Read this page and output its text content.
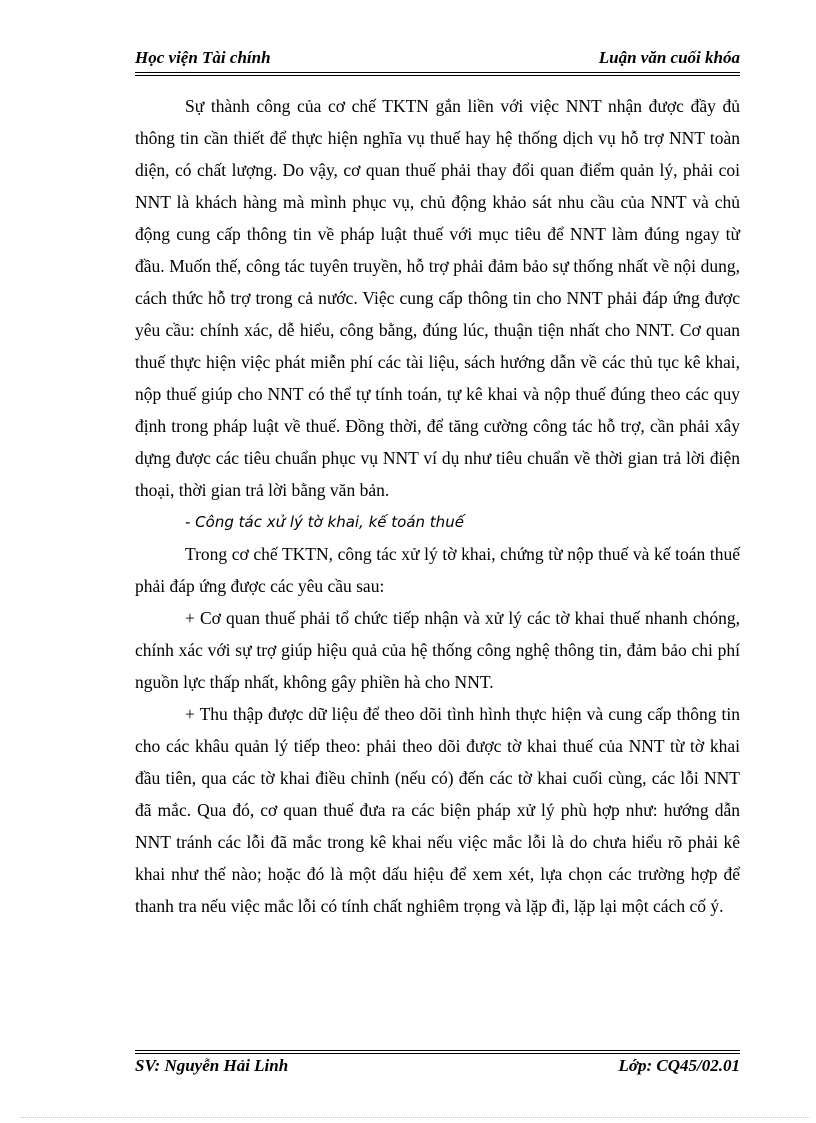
Học viện Tài chính	Luận văn cuối khóa

Sự thành công của cơ chế TKTN gắn liền với việc NNT nhận được đầy đủ thông tin cần thiết để thực hiện nghĩa vụ thuế hay hệ thống dịch vụ hỗ trợ NNT toàn diện, có chất lượng. Do vậy, cơ quan thuế phải thay đổi quan điểm quản lý, phải coi NNT là khách hàng mà mình phục vụ, chủ động khảo sát nhu cầu của NNT và chủ động cung cấp thông tin về pháp luật thuế với mục tiêu để NNT làm đúng ngay từ đầu. Muốn thế, công tác tuyên truyền, hỗ trợ phải đảm bảo sự thống nhất về nội dung, cách thức hỗ trợ trong cả nước. Việc cung cấp thông tin cho NNT phải đáp ứng được yêu cầu: chính xác, dễ hiểu, công bằng, đúng lúc, thuận tiện nhất cho NNT. Cơ quan thuế thực hiện việc phát miễn phí các tài liệu, sách hướng dẫn về các thủ tục kê khai, nộp thuế giúp cho NNT có thể tự tính toán, tự kê khai và nộp thuế đúng theo các quy định trong pháp luật về thuế. Đồng thời, để tăng cường công tác hỗ trợ, cần phải xây dựng được các tiêu chuẩn phục vụ NNT ví dụ như tiêu chuẩn về thời gian trả lời điện thoại, thời gian trả lời bằng văn bản.

- Công tác xử lý tờ khai, kế toán thuế

Trong cơ chế TKTN, công tác xử lý tờ khai, chứng từ nộp thuế và kế toán thuế phải đáp ứng được các yêu cầu sau:

+ Cơ quan thuế phải tổ chức tiếp nhận và xử lý các tờ khai thuế nhanh chóng, chính xác với sự trợ giúp hiệu quả của hệ thống công nghệ thông tin, đảm bảo chi phí nguồn lực thấp nhất, không gây phiền hà cho NNT.

+ Thu thập được dữ liệu để theo dõi tình hình thực hiện và cung cấp thông tin cho các khâu quản lý tiếp theo: phải theo dõi được tờ khai thuế của NNT từ tờ khai đầu tiên, qua các tờ khai điều chỉnh (nếu có) đến các tờ khai cuối cùng, các lỗi NNT đã mắc. Qua đó, cơ quan thuế đưa ra các biện pháp xử lý phù hợp như: hướng dẫn NNT tránh các lỗi đã mắc trong kê khai nếu việc mắc lỗi là do chưa hiểu rõ phải kê khai như thế nào; hoặc đó là một dấu hiệu để xem xét, lựa chọn các trường hợp để thanh tra nếu việc mắc lỗi có tính chất nghiêm trọng và lặp đi, lặp lại một cách cố ý.

SV: Nguyễn Hải Linh	Lớp: CQ45/02.01
